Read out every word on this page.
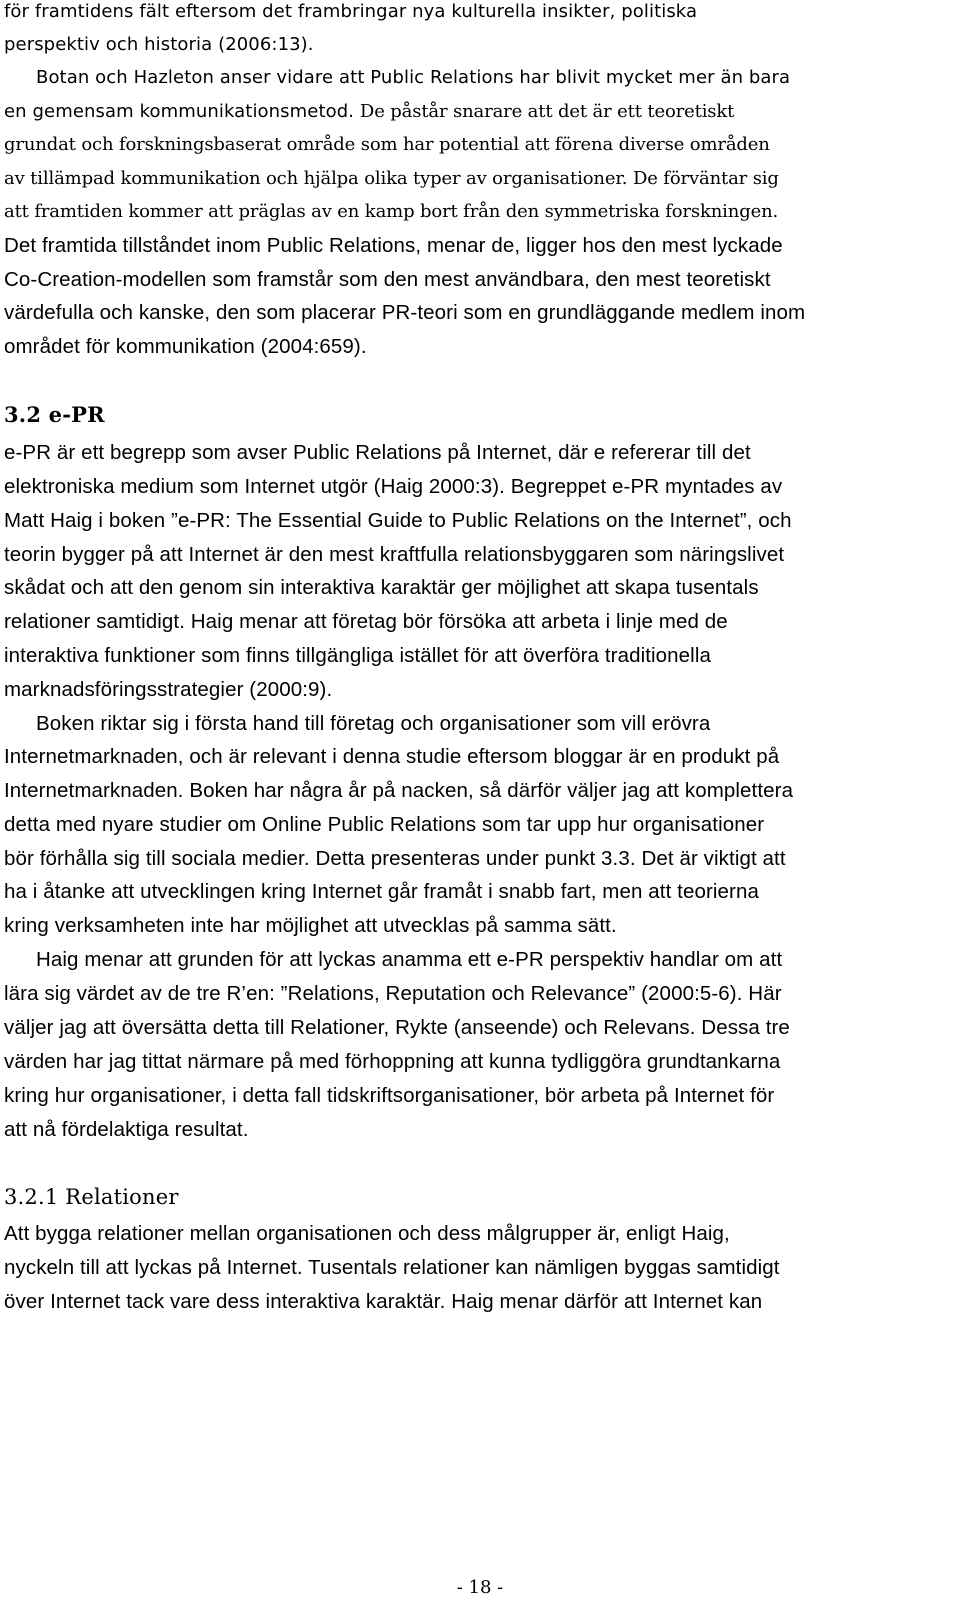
för framtidens fält eftersom det frambringar nya kulturella insikter, politiska
perspektiv och historia (2006:13).
Botan och Hazleton anser vidare att Public Relations har blivit mycket mer än bara
en gemensam kommunikationsmetod. De påstår snarare att det är ett teoretiskt
grundat och forskningsbaserat område som har potential att förena diverse områden
av tillämpad kommunikation och hjälpa olika typer av organisationer. De förväntar sig
att framtiden kommer att präglas av en kamp bort från den symmetriska forskningen.
Det framtida tillståndet inom Public Relations, menar de, ligger hos den mest lyckade
Co-Creation-modellen som framstår som den mest användbara, den mest teoretiskt
värdefulla och kanske, den som placerar PR-teori som en grundläggande medlem inom
området för kommunikation (2004:659).
3.2 e-PR
e-PR är ett begrepp som avser Public Relations på Internet, där e refererar till det
elektroniska medium som Internet utgör (Haig 2000:3). Begreppet e-PR myntades av
Matt Haig i boken ”e-PR: The Essential Guide to Public Relations on the Internet”, och
teorin bygger på att Internet är den mest kraftfulla relationsbyggaren som näringslivet
skådat och att den genom sin interaktiva karaktär ger möjlighet att skapa tusentals
relationer samtidigt. Haig menar att företag bör försöka att arbeta i linje med de
interaktiva funktioner som finns tillgängliga istället för att överföra traditionella
marknadsföringsstrategier (2000:9).
Boken riktar sig i första hand till företag och organisationer som vill erövra
Internetmarknaden, och är relevant i denna studie eftersom bloggar är en produkt på
Internetmarknaden. Boken har några år på nacken, så därför väljer jag att komplettera
detta med nyare studier om Online Public Relations som tar upp hur organisationer
bör förhålla sig till sociala medier. Detta presenteras under punkt 3.3. Det är viktigt att
ha i åtanke att utvecklingen kring Internet går framåt i snabb fart, men att teorierna
kring verksamheten inte har möjlighet att utvecklas på samma sätt.
Haig menar att grunden för att lyckas anamma ett e-PR perspektiv handlar om att
lära sig värdet av de tre R’en: ”Relations, Reputation och Relevance” (2000:5-6). Här
väljer jag att översätta detta till Relationer, Rykte (anseende) och Relevans. Dessa tre
värden har jag tittat närmare på med förhoppning att kunna tydliggöra grundtankarna
kring hur organisationer, i detta fall tidskriftsorganisationer, bör arbeta på Internet för
att nå fördelaktiga resultat.
3.2.1 Relationer
Att bygga relationer mellan organisationen och dess målgrupper är, enligt Haig,
nyckeln till att lyckas på Internet. Tusentals relationer kan nämligen byggas samtidigt
över Internet tack vare dess interaktiva karaktär. Haig menar därför att Internet kan
- 18 -
